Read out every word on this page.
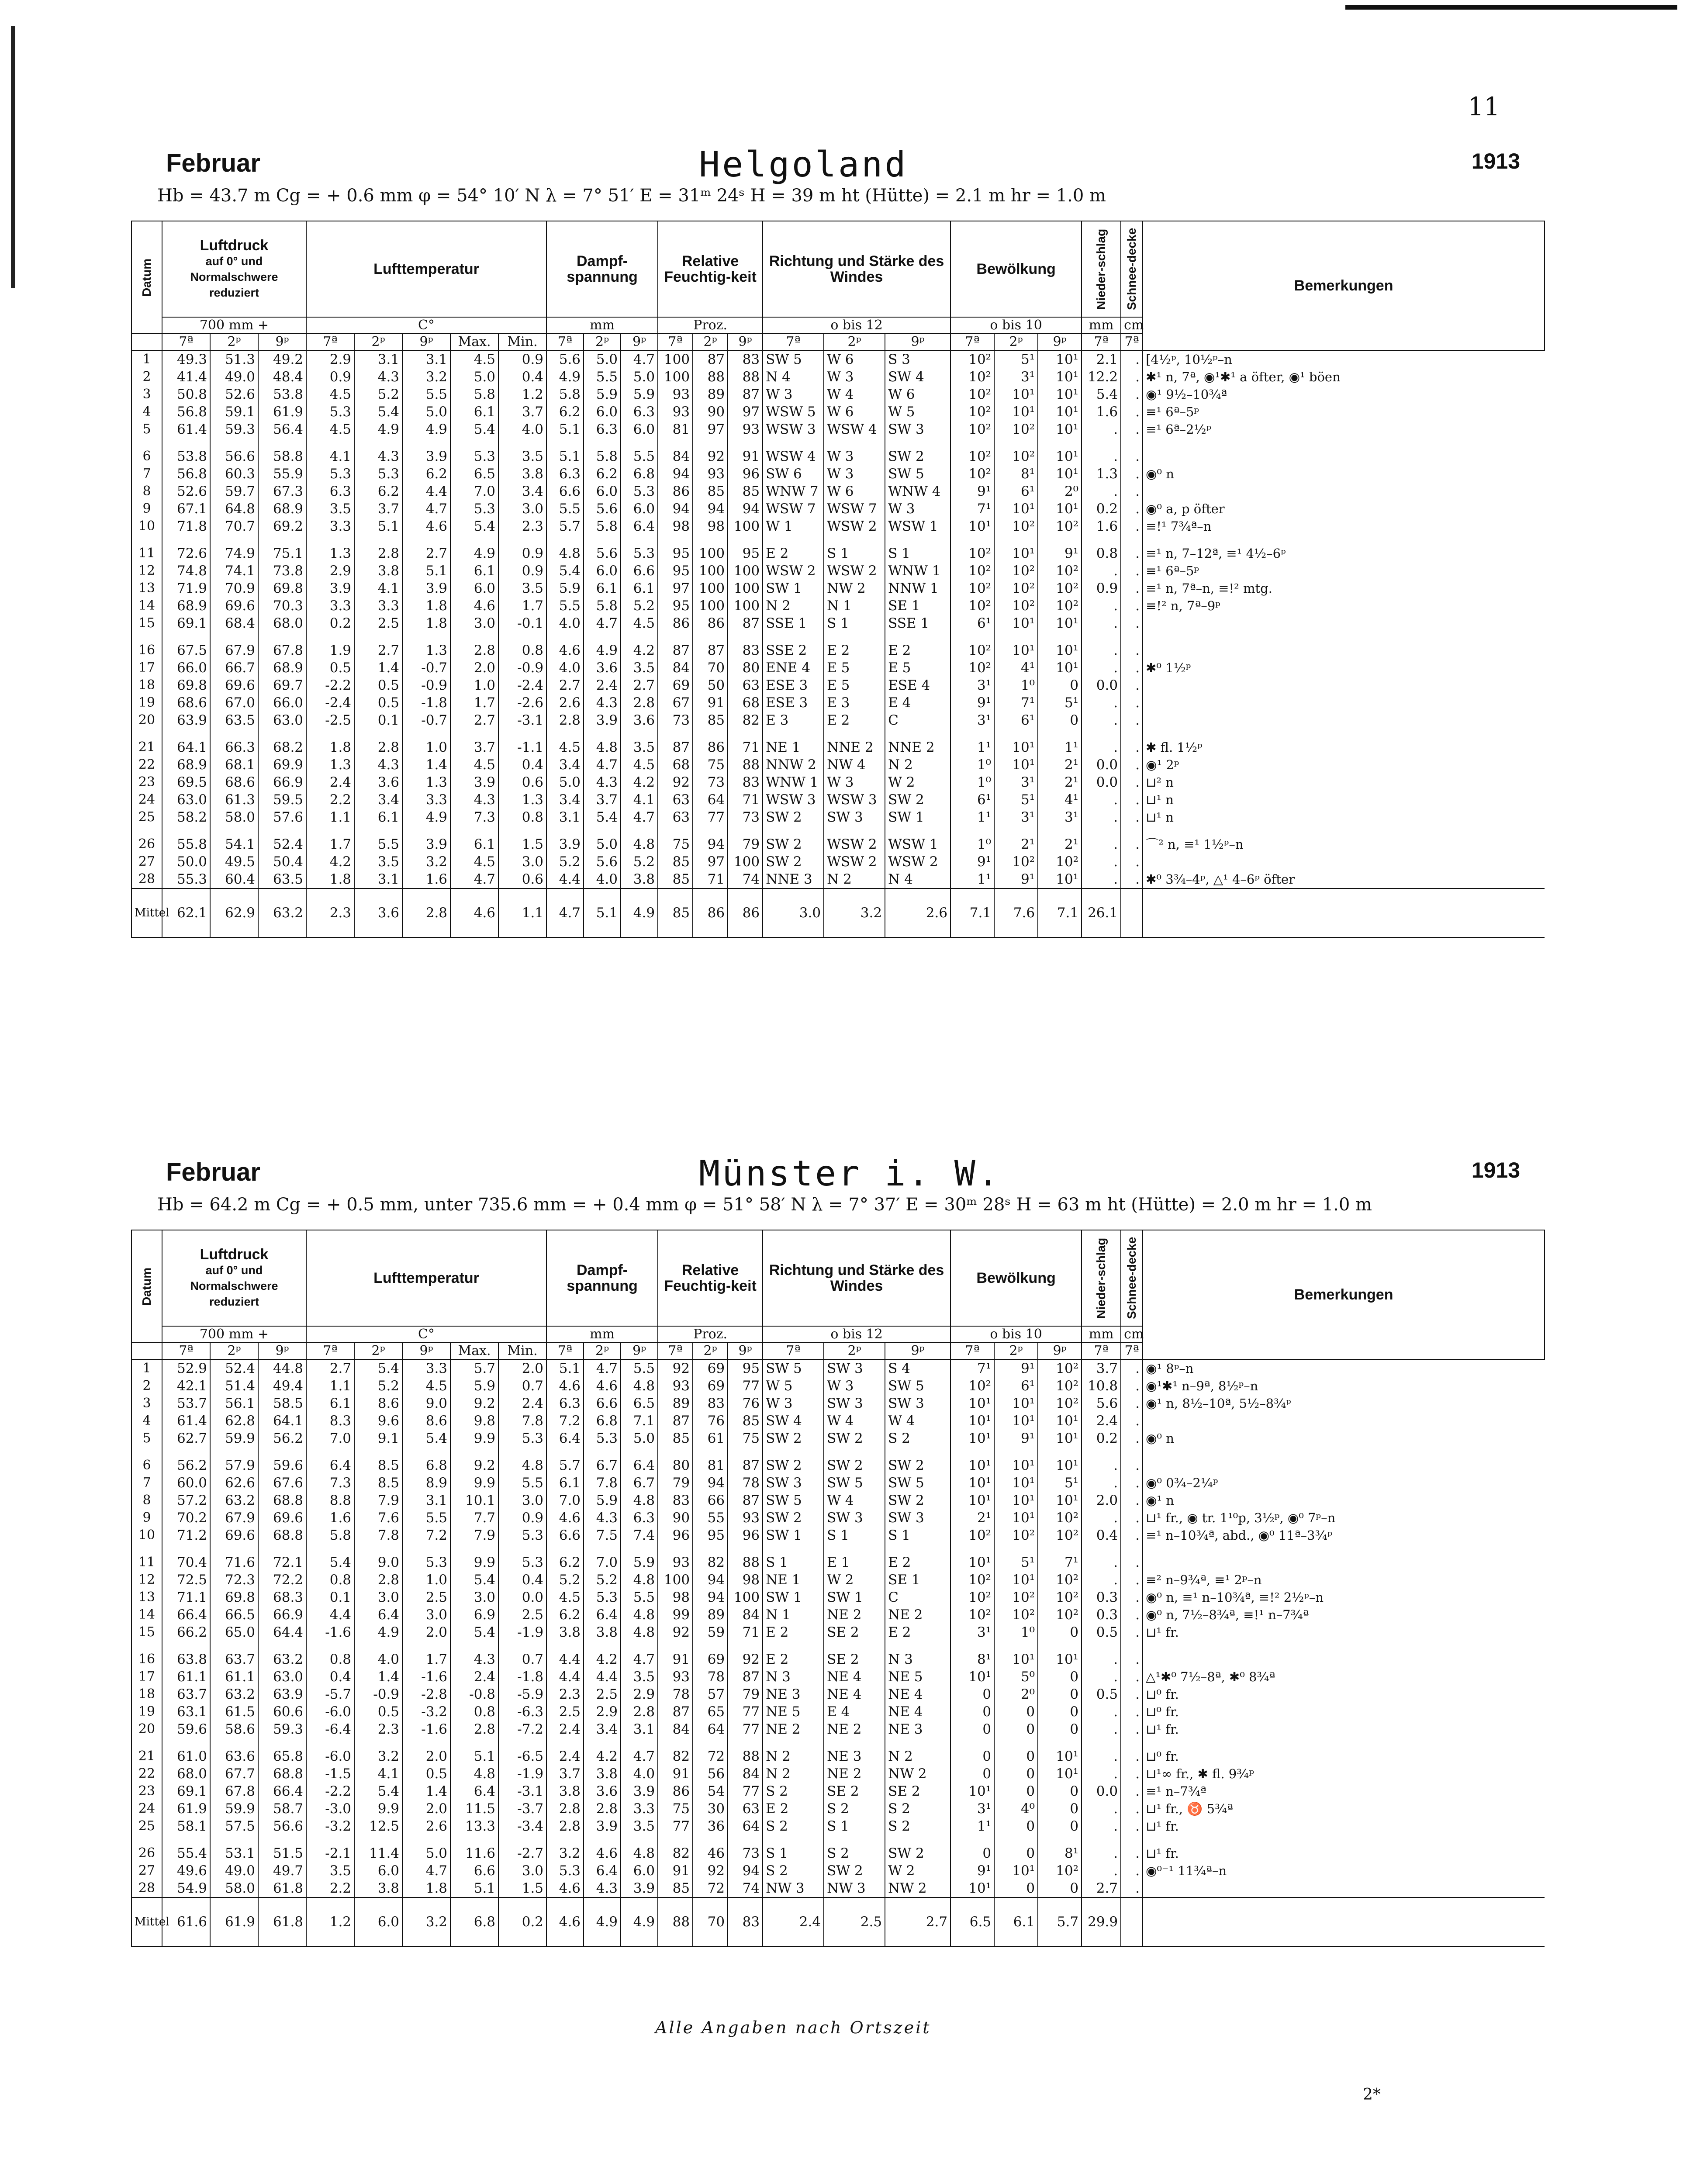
11
Februar	Helgoland	1913
Hb = 43.7 m Cg = + 0.6 mm φ = 54° 10′ N λ = 7° 51′ E = 31ᵐ 24ˢ H = 39 m ht (Hütte) = 2.1 m hr = 1.0 m
Datum	Luftdruck
auf 0° und Normalschwere reduziert			Lufttemperatur					Dampf-spannung			Relative Feuchtig-keit			Richtung und Stärke des Windes			Bewölkung			Nieder-schlag	Schnee-decke	Bemerkungen
	700 mm +			C°					mm			Proz.			o bis 12			o bis 10			mm	cm	
	7ª	2ᵖ	9ᵖ	7ª	2ᵖ	9ᵖ	Max.	Min.	7ª	2ᵖ	9ᵖ	7ª	2ᵖ	9ᵖ	7ª	2ᵖ	9ᵖ	7ª	2ᵖ	9ᵖ	7ª	7ª	
1	49.3	51.3	49.2	2.9	3.1	3.1	4.5	0.9	5.6	5.0	4.7	100	87	83	SW 5	W 6	S 3	10²	5¹	10¹	2.1	.	[4½ᵖ, 10½ᵖ–n
2	41.4	49.0	48.4	0.9	4.3	3.2	5.0	0.4	4.9	5.5	5.0	100	88	88	N 4	W 3	SW 4	10²	3¹	10¹	12.2	.	✱¹ n, 7ª, ◉¹✱¹ a öfter, ◉¹ böen
3	50.8	52.6	53.8	4.5	5.2	5.5	5.8	1.2	5.8	5.9	5.9	93	89	87	W 3	W 4	W 6	10²	10¹	10¹	5.4	.	◉¹ 9½–10¾ª
4	56.8	59.1	61.9	5.3	5.4	5.0	6.1	3.7	6.2	6.0	6.3	93	90	97	WSW 5	W 6	W 5	10²	10¹	10¹	1.6	.	≡¹ 6ª–5ᵖ
5	61.4	59.3	56.4	4.5	4.9	4.9	5.4	4.0	5.1	6.3	6.0	81	97	93	WSW 3	WSW 4	SW 3	10²	10²	10¹	.	.	≡¹ 6ª–2½ᵖ

6	53.8	56.6	58.8	4.1	4.3	3.9	5.3	3.5	5.1	5.8	5.5	84	92	91	WSW 4	W 3	SW 2	10²	10²	10¹	.	.	
7	56.8	60.3	55.9	5.3	5.3	6.2	6.5	3.8	6.3	6.2	6.8	94	93	96	SW 6	W 3	SW 5	10²	8¹	10¹	1.3	.	◉⁰ n
8	52.6	59.7	67.3	6.3	6.2	4.4	7.0	3.4	6.6	6.0	5.3	86	85	85	WNW 7	W 6	WNW 4	9¹	6¹	2⁰	.	.	
9	67.1	64.8	68.9	3.5	3.7	4.7	5.3	3.0	5.5	5.6	6.0	94	94	94	WSW 7	WSW 7	W 3	7¹	10¹	10¹	0.2	.	◉⁰ a, p öfter
10	71.8	70.7	69.2	3.3	5.1	4.6	5.4	2.3	5.7	5.8	6.4	98	98	100	W 1	WSW 2	WSW 1	10¹	10²	10²	1.6	.	≡!¹ 7¾ª–n

11	72.6	74.9	75.1	1.3	2.8	2.7	4.9	0.9	4.8	5.6	5.3	95	100	95	E 2	S 1	S 1	10²	10¹	9¹	0.8	.	≡¹ n, 7–12ª, ≡¹ 4½–6ᵖ
12	74.8	74.1	73.8	2.9	3.8	5.1	6.1	0.9	5.4	6.0	6.6	95	100	100	WSW 2	WSW 2	WNW 1	10²	10²	10²	.	.	≡¹ 6ª–5ᵖ
13	71.9	70.9	69.8	3.9	4.1	3.9	6.0	3.5	5.9	6.1	6.1	97	100	100	SW 1	NW 2	NNW 1	10²	10²	10²	0.9	.	≡¹ n, 7ª–n, ≡!² mtg.
14	68.9	69.6	70.3	3.3	3.3	1.8	4.6	1.7	5.5	5.8	5.2	95	100	100	N 2	N 1	SE 1	10²	10²	10²	.	.	≡!² n, 7ª–9ᵖ
15	69.1	68.4	68.0	0.2	2.5	1.8	3.0	-0.1	4.0	4.7	4.5	86	86	87	SSE 1	S 1	SSE 1	6¹	10¹	10¹	.	.	

16	67.5	67.9	67.8	1.9	2.7	1.3	2.8	0.8	4.6	4.9	4.2	87	87	83	SSE 2	E 2	E 2	10²	10¹	10¹	.	.	
17	66.0	66.7	68.9	0.5	1.4	-0.7	2.0	-0.9	4.0	3.6	3.5	84	70	80	ENE 4	E 5	E 5	10²	4¹	10¹	.	.	✱⁰ 1½ᵖ
18	69.8	69.6	69.7	-2.2	0.5	-0.9	1.0	-2.4	2.7	2.4	2.7	69	50	63	ESE 3	E 5	ESE 4	3¹	1⁰	0	0.0	.	
19	68.6	67.0	66.0	-2.4	0.5	-1.8	1.7	-2.6	2.6	4.3	2.8	67	91	68	ESE 3	E 3	E 4	9¹	7¹	5¹	.	.	
20	63.9	63.5	63.0	-2.5	0.1	-0.7	2.7	-3.1	2.8	3.9	3.6	73	85	82	E 3	E 2	C	3¹	6¹	0	.	.	

21	64.1	66.3	68.2	1.8	2.8	1.0	3.7	-1.1	4.5	4.8	3.5	87	86	71	NE 1	NNE 2	NNE 2	1¹	10¹	1¹	.	.	✱ fl. 1½ᵖ
22	68.9	68.1	69.9	1.3	4.3	1.4	4.5	0.4	3.4	4.7	4.5	68	75	88	NNW 2	NW 4	N 2	1⁰	10¹	2¹	0.0	.	◉¹ 2ᵖ
23	69.5	68.6	66.9	2.4	3.6	1.3	3.9	0.6	5.0	4.3	4.2	92	73	83	WNW 1	W 3	W 2	1⁰	3¹	2¹	0.0	.	⊔² n
24	63.0	61.3	59.5	2.2	3.4	3.3	4.3	1.3	3.4	3.7	4.1	63	64	71	WSW 3	WSW 3	SW 2	6¹	5¹	4¹	.	.	⊔¹ n
25	58.2	58.0	57.6	1.1	6.1	4.9	7.3	0.8	3.1	5.4	4.7	63	77	73	SW 2	SW 3	SW 1	1¹	3¹	3¹	.	.	⊔¹ n

26	55.8	54.1	52.4	1.7	5.5	3.9	6.1	1.5	3.9	5.0	4.8	75	94	79	SW 2	WSW 2	WSW 1	1⁰	2¹	2¹	.	.	⌒² n, ≡¹ 1½ᵖ–n
27	50.0	49.5	50.4	4.2	3.5	3.2	4.5	3.0	5.2	5.6	5.2	85	97	100	SW 2	WSW 2	WSW 2	9¹	10²	10²	.	.	
28	55.3	60.4	63.5	1.8	3.1	1.6	4.7	0.6	4.4	4.0	3.8	85	71	74	NNE 3	N 2	N 4	1¹	9¹	10¹	.	.	✱⁰ 3¾–4ᵖ, △¹ 4–6ᵖ öfter
Mittel	62.1	62.9	63.2	2.3	3.6	2.8	4.6	1.1	4.7	5.1	4.9	85	86	86	3.0	3.2	2.6	7.1	7.6	7.1	26.1		
Februar	Münster i. W.	1913
Hb = 64.2 m Cg = + 0.5 mm, unter 735.6 mm = + 0.4 mm φ = 51° 58′ N λ = 7° 37′ E = 30ᵐ 28ˢ H = 63 m ht (Hütte) = 2.0 m hr = 1.0 m
Datum	Luftdruck
auf 0° und Normalschwere reduziert			Lufttemperatur					Dampf-spannung			Relative Feuchtig-keit			Richtung und Stärke des Windes			Bewölkung			Nieder-schlag	Schnee-decke	Bemerkungen
	700 mm +			C°					mm			Proz.			o bis 12			o bis 10			mm	cm	
	7ª	2ᵖ	9ᵖ	7ª	2ᵖ	9ᵖ	Max.	Min.	7ª	2ᵖ	9ᵖ	7ª	2ᵖ	9ᵖ	7ª	2ᵖ	9ᵖ	7ª	2ᵖ	9ᵖ	7ª	7ª	
1	52.9	52.4	44.8	2.7	5.4	3.3	5.7	2.0	5.1	4.7	5.5	92	69	95	SW 5	SW 3	S 4	7¹	9¹	10²	3.7	.	◉¹ 8ᵖ–n
2	42.1	51.4	49.4	1.1	5.2	4.5	5.9	0.7	4.6	4.6	4.8	93	69	77	W 5	W 3	SW 5	10²	6¹	10²	10.8	.	◉¹✱¹ n–9ª, 8½ᵖ–n
3	53.7	56.1	58.5	6.1	8.6	9.0	9.2	2.4	6.3	6.6	6.5	89	83	76	W 3	SW 3	SW 3	10¹	10¹	10²	5.6	.	◉¹ n, 8½–10ª, 5½–8¾ᵖ
4	61.4	62.8	64.1	8.3	9.6	8.6	9.8	7.8	7.2	6.8	7.1	87	76	85	SW 4	W 4	W 4	10¹	10¹	10¹	2.4	.	
5	62.7	59.9	56.2	7.0	9.1	5.4	9.9	5.3	6.4	5.3	5.0	85	61	75	SW 2	SW 2	S 2	10¹	9¹	10¹	0.2	.	◉⁰ n

6	56.2	57.9	59.6	6.4	8.5	6.8	9.2	4.8	5.7	6.7	6.4	80	81	87	SW 2	SW 2	SW 2	10¹	10¹	10¹	.	.	
7	60.0	62.6	67.6	7.3	8.5	8.9	9.9	5.5	6.1	7.8	6.7	79	94	78	SW 3	SW 5	SW 5	10¹	10¹	5¹	.	.	◉⁰ 0¾–2¼ᵖ
8	57.2	63.2	68.8	8.8	7.9	3.1	10.1	3.0	7.0	5.9	4.8	83	66	87	SW 5	W 4	SW 2	10¹	10¹	10¹	2.0	.	◉¹ n
9	70.2	67.9	69.6	1.6	7.6	5.5	7.7	0.9	4.6	4.3	6.3	90	55	93	SW 2	SW 3	SW 3	2¹	10¹	10²	.	.	⊔¹ fr., ◉ tr. 1¹⁰p, 3½ᵖ, ◉⁰ 7ᵖ–n
10	71.2	69.6	68.8	5.8	7.8	7.2	7.9	5.3	6.6	7.5	7.4	96	95	96	SW 1	S 1	S 1	10²	10²	10²	0.4	.	≡¹ n–10¾ª, abd., ◉⁰ 11ª–3¾ᵖ

11	70.4	71.6	72.1	5.4	9.0	5.3	9.9	5.3	6.2	7.0	5.9	93	82	88	S 1	E 1	E 2	10¹	5¹	7¹	.	.	
12	72.5	72.3	72.2	0.8	2.8	1.0	5.4	0.4	5.2	5.2	4.8	100	94	98	NE 1	W 2	SE 1	10²	10¹	10²	.	.	≡² n–9¾ª, ≡¹ 2ᵖ–n
13	71.1	69.8	68.3	0.1	3.0	2.5	3.0	0.0	4.5	5.3	5.5	98	94	100	SW 1	SW 1	C	10²	10²	10²	0.3	.	◉⁰ n, ≡¹ n–10¾ª, ≡!² 2½ᵖ–n
14	66.4	66.5	66.9	4.4	6.4	3.0	6.9	2.5	6.2	6.4	4.8	99	89	84	N 1	NE 2	NE 2	10²	10²	10²	0.3	.	◉⁰ n, 7½–8¾ª, ≡!¹ n–7¾ª
15	66.2	65.0	64.4	-1.6	4.9	2.0	5.4	-1.9	3.8	3.8	4.8	92	59	71	E 2	SE 2	E 2	3¹	1⁰	0	0.5	.	⊔¹ fr.

16	63.8	63.7	63.2	0.8	4.0	1.7	4.3	0.7	4.4	4.2	4.7	91	69	92	E 2	SE 2	N 3	8¹	10¹	10¹	.	.	
17	61.1	61.1	63.0	0.4	1.4	-1.6	2.4	-1.8	4.4	4.4	3.5	93	78	87	N 3	NE 4	NE 5	10¹	5⁰	0	.	.	△¹✱⁰ 7½–8ª, ✱⁰ 8¾ª
18	63.7	63.2	63.9	-5.7	-0.9	-2.8	-0.8	-5.9	2.3	2.5	2.9	78	57	79	NE 3	NE 4	NE 4	0	2⁰	0	0.5	.	⊔⁰ fr.
19	63.1	61.5	60.6	-6.0	0.5	-3.2	0.8	-6.3	2.5	2.9	2.8	87	65	77	NE 5	E 4	NE 4	0	0	0	.	.	⊔⁰ fr.
20	59.6	58.6	59.3	-6.4	2.3	-1.6	2.8	-7.2	2.4	3.4	3.1	84	64	77	NE 2	NE 2	NE 3	0	0	0	.	.	⊔¹ fr.

21	61.0	63.6	65.8	-6.0	3.2	2.0	5.1	-6.5	2.4	4.2	4.7	82	72	88	N 2	NE 3	N 2	0	0	10¹	.	.	⊔⁰ fr.
22	68.0	67.7	68.8	-1.5	4.1	0.5	4.8	-1.9	3.7	3.8	4.0	91	56	84	N 2	NE 2	NW 2	0	0	10¹	.	.	⊔¹∞ fr., ✱ fl. 9¾ᵖ
23	69.1	67.8	66.4	-2.2	5.4	1.4	6.4	-3.1	3.8	3.6	3.9	86	54	77	S 2	SE 2	SE 2	10¹	0	0	0.0	.	≡¹ n–7¾ª
24	61.9	59.9	58.7	-3.0	9.9	2.0	11.5	-3.7	2.8	2.8	3.3	75	30	63	E 2	S 2	S 2	3¹	4⁰	0	.	.	⊔¹ fr., ♉ 5¾ª
25	58.1	57.5	56.6	-3.2	12.5	2.6	13.3	-3.4	2.8	3.9	3.5	77	36	64	S 2	S 1	S 2	1¹	0	0	.	.	⊔¹ fr.

26	55.4	53.1	51.5	-2.1	11.4	5.0	11.6	-2.7	3.2	4.6	4.8	82	46	73	S 1	S 2	SW 2	0	0	8¹	.	.	⊔¹ fr.
27	49.6	49.0	49.7	3.5	6.0	4.7	6.6	3.0	5.3	6.4	6.0	91	92	94	S 2	SW 2	W 2	9¹	10¹	10²	.	.	◉⁰⁻¹ 11¾ª–n
28	54.9	58.0	61.8	2.2	3.8	1.8	5.1	1.5	4.6	4.3	3.9	85	72	74	NW 3	NW 3	NW 2	10¹	0	0	2.7	.	
Mittel	61.6	61.9	61.8	1.2	6.0	3.2	6.8	0.2	4.6	4.9	4.9	88	70	83	2.4	2.5	2.7	6.5	6.1	5.7	29.9		
Alle Angaben nach Ortszeit
2*
